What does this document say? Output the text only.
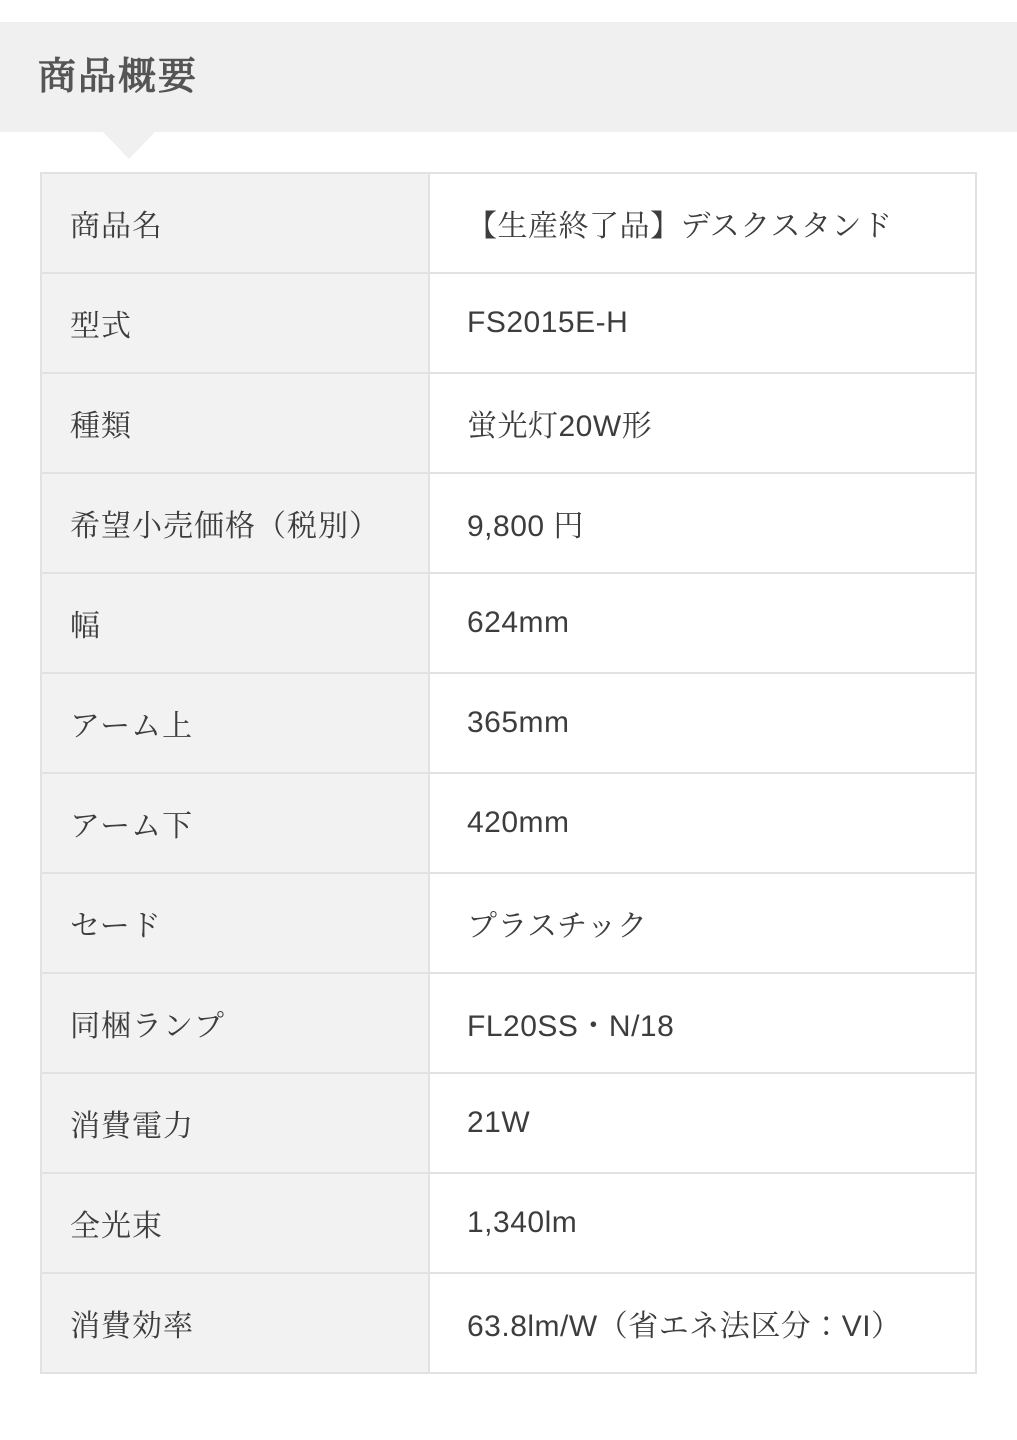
商品概要
商品名	【生産終了品】デスクスタンド
型式	FS2015E-H
種類	蛍光灯20W形
希望小売価格（税別）	9,800 円
幅	624mm
アーム上	365mm
アーム下	420mm
セード	プラスチック
同梱ランプ	FL20SS・N/18
消費電力	21W
全光束	1,340lm
消費効率	63.8lm/W（省エネ法区分：VI）
